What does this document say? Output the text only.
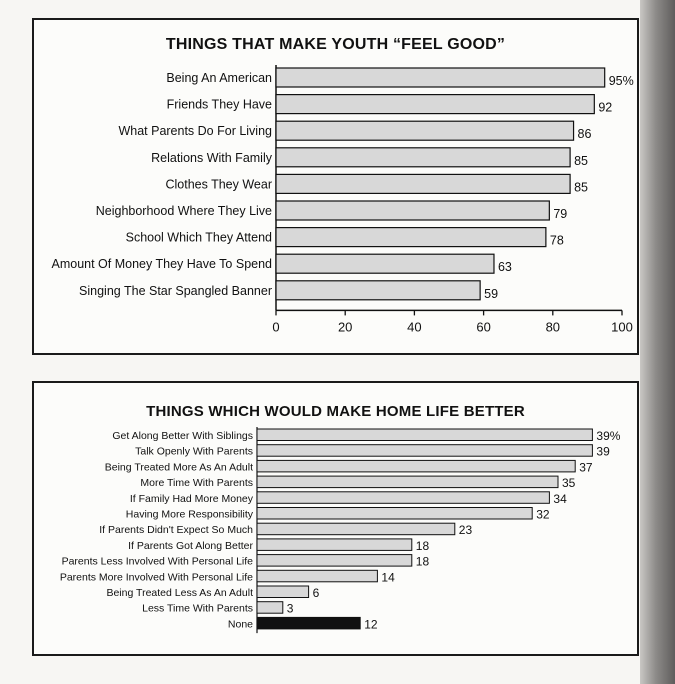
THINGS THAT MAKE YOUTH “FEEL GOOD”
0	20	40	60	80	100
Being An American	95%
Friends They Have	92
What Parents Do For Living	86
Relations With Family	85
Clothes They Wear	85
Neighborhood Where They Live	79
School Which They Attend	78
Amount Of Money They Have To Spend	63
Singing The Star Spangled Banner	59
THINGS WHICH WOULD MAKE HOME LIFE BETTER
Get Along Better With Siblings	39%
Talk Openly With Parents	39
Being Treated More As An Adult	37
More Time With Parents	35
If Family Had More Money	34
Having More Responsibility	32
If Parents Didn't Expect So Much	23
If Parents Got Along Better	18
Parents Less Involved With Personal Life	18
Parents More Involved With Personal Life	14
Being Treated Less As An Adult	6
Less Time With Parents	3
None	12
